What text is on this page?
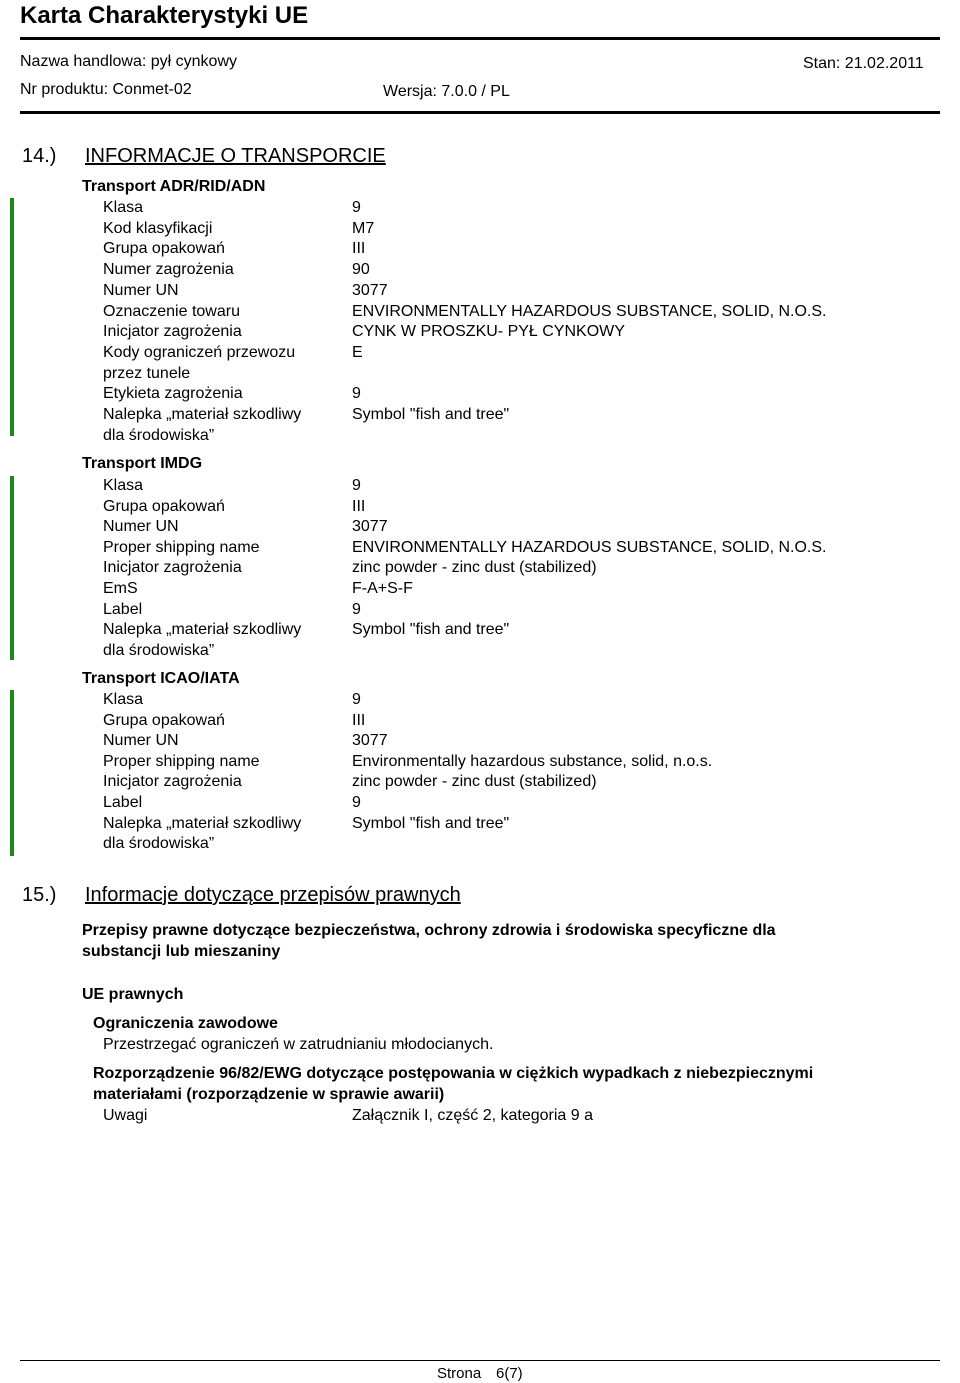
Karta Charakterystyki UE
Nazwa handlowa: pył cynkowy	Stan: 21.02.2011
Nr produktu: Conmet-02	Wersja: 7.0.0 / PL
14.) INFORMACJE O TRANSPORCIE
Transport ADR/RID/ADN
Klasa	9
Kod klasyfikacji	M7
Grupa opakowań	III
Numer zagrożenia	90
Numer UN	3077
Oznaczenie towaru	ENVIRONMENTALLY HAZARDOUS SUBSTANCE, SOLID, N.O.S.
Inicjator zagrożenia	CYNK W PROSZKU- PYŁ CYNKOWY
Kody ograniczeń przewozu	E
przez tunele
Etykieta zagrożenia	9
Nalepka „materiał szkodliwy	Symbol "fish and tree"
dla środowiska”
Transport IMDG
Klasa	9
Grupa opakowań	III
Numer UN	3077
Proper shipping name	ENVIRONMENTALLY HAZARDOUS SUBSTANCE, SOLID, N.O.S.
Inicjator zagrożenia	zinc powder - zinc dust (stabilized)
EmS	F-A+S-F
Label	9
Nalepka „materiał szkodliwy	Symbol "fish and tree"
dla środowiska”
Transport ICAO/IATA
Klasa	9
Grupa opakowań	III
Numer UN	3077
Proper shipping name	Environmentally hazardous substance, solid, n.o.s.
Inicjator zagrożenia	zinc powder - zinc dust (stabilized)
Label	9
Nalepka „materiał szkodliwy	Symbol "fish and tree"
dla środowiska”
15.) Informacje dotyczące przepisów prawnych
Przepisy prawne dotyczące bezpieczeństwa, ochrony zdrowia i środowiska specyficzne dla
substancji lub mieszaniny
UE prawnych
Ograniczenia zawodowe
Przestrzegać ograniczeń w zatrudnianiu młodocianych.
Rozporządzenie 96/82/EWG dotyczące postępowania w ciężkich wypadkach z niebezpiecznymi
materiałami (rozporządzenie w sprawie awarii)
Uwagi	Załącznik I, część 2, kategoria 9 a
Strona 6(7)
